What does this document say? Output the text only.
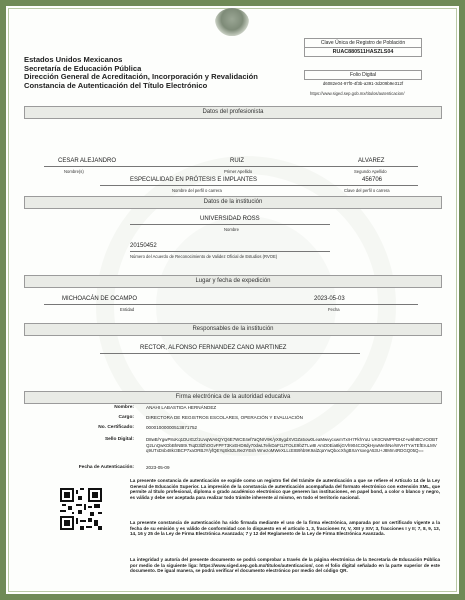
Estados Unidos Mexicanos
Secretaría de Educación Pública
Dirección General de Acreditación, Incorporación y Revalidación
Constancia de Autenticación del Título Electrónico
Clave Única de Registro de Población
RUAC880511HASZLS04
Folio Digital
d6082e04-97f0-4f3b-a391-3d209b9e312f
https://www.siged.sep.gob.mx/titulos/autenticacion/
Datos del profesionista
CESAR ALEJANDRO	RUIZ	ALVAREZ
Nombre(s)	Primer Apellido	Segundo Apellido
ESPECIALIDAD EN PRÓTESIS E IMPLANTES	456706
Nombre del perfil o carrera	Clave del perfil o carrera
Datos de la institución
UNIVERSIDAD ROSS
Nombre
20150452
Número del Acuerdo de Reconocimiento de Validez Oficial de Estudios (RVOE)
Lugar y fecha de expedición
MICHOACÁN DE OCAMPO	2023-05-03
Entidad	Fecha
Responsables de la institución
RECTOR, ALFONSO FERNANDEZ CANO MARTINEZ
Firma electrónica de la autoridad educativa
Nombre:	ANAHI LABASTIDA HERNÁNDEZ
Cargo:	DIRECTORA DE REGISTROS ESCOLARES, OPERACIÓN Y EVALUACIÓN
No. Certificado:	00001000000513871752
Sello Digital:	D8wB/YgwP8oKq1DUIGZ/1UvqWA6QYQ6E7WCE4ef7aQNIV9K/yX8ygdXVDZa5ow0LeaMwvycxwmTxrH7FkhYuU UK0CNMPPDHZ+w6h8tCVOOBTQ2LnQwKDbBhNBt9.TsqD3lZhOGvFPFT3KxEHD8dy70dwLTe/kDaFt1JTOLE9bZTLw8I AmD0Eia8kjGVh904COQkHywMethNe/WVHTYwTEfEruLMVq9UTxDsb48kr3BCP7xaORBJY/yfQEYqSk52LI9e2YEsh WnezoMWeXLLcEIB9hb9K9alZqaYwQbocXhgBXaYsxegA53U+J8Mm4RDGQ05Q==
Fecha de Autenticación:	2023-05-09
La presente constancia de autenticación se expide como un registro fiel del trámite de autenticación a que se refiere el Artículo 14 de la Ley General de Educación Superior. La impresión de la constancia de autenticación acompañada del formato electrónico con extensión XML, que permite al título profesional, diploma o grado académico electrónico que generen las instituciones, en papel bond, a color o blanco y negro, es válida y debe ser aceptada para realizar todo trámite inherente al mismo, en todo el territorio nacional.
La presente constancia de autenticación ha sido firmada mediante el uso de la firma electrónica, amparada por un certificado vigente a la fecha de su emisión y es válido de conformidad con lo dispuesto en el artículo 1, 3, fracciones IV, V, XIII y XIV; 3, fracciones I y II; 7, 8, 9, 13, 14, 16 y 25 de la Ley de Firma Electrónica Avanzada; 7 y 12 del Reglamento de la Ley de Firma Electrónica Avanzada.
La integridad y autoría del presente documento se podrá comprobar a través de la página electrónica de la Secretaría de Educación Pública por medio de la siguiente liga: https://www.siged.sep.gob.mx/titulos/autenticacion/, con el folio digital señalado en la parte superior de este documento. De igual manera, se podrá verificar el documento electrónico por medio del código QR.
